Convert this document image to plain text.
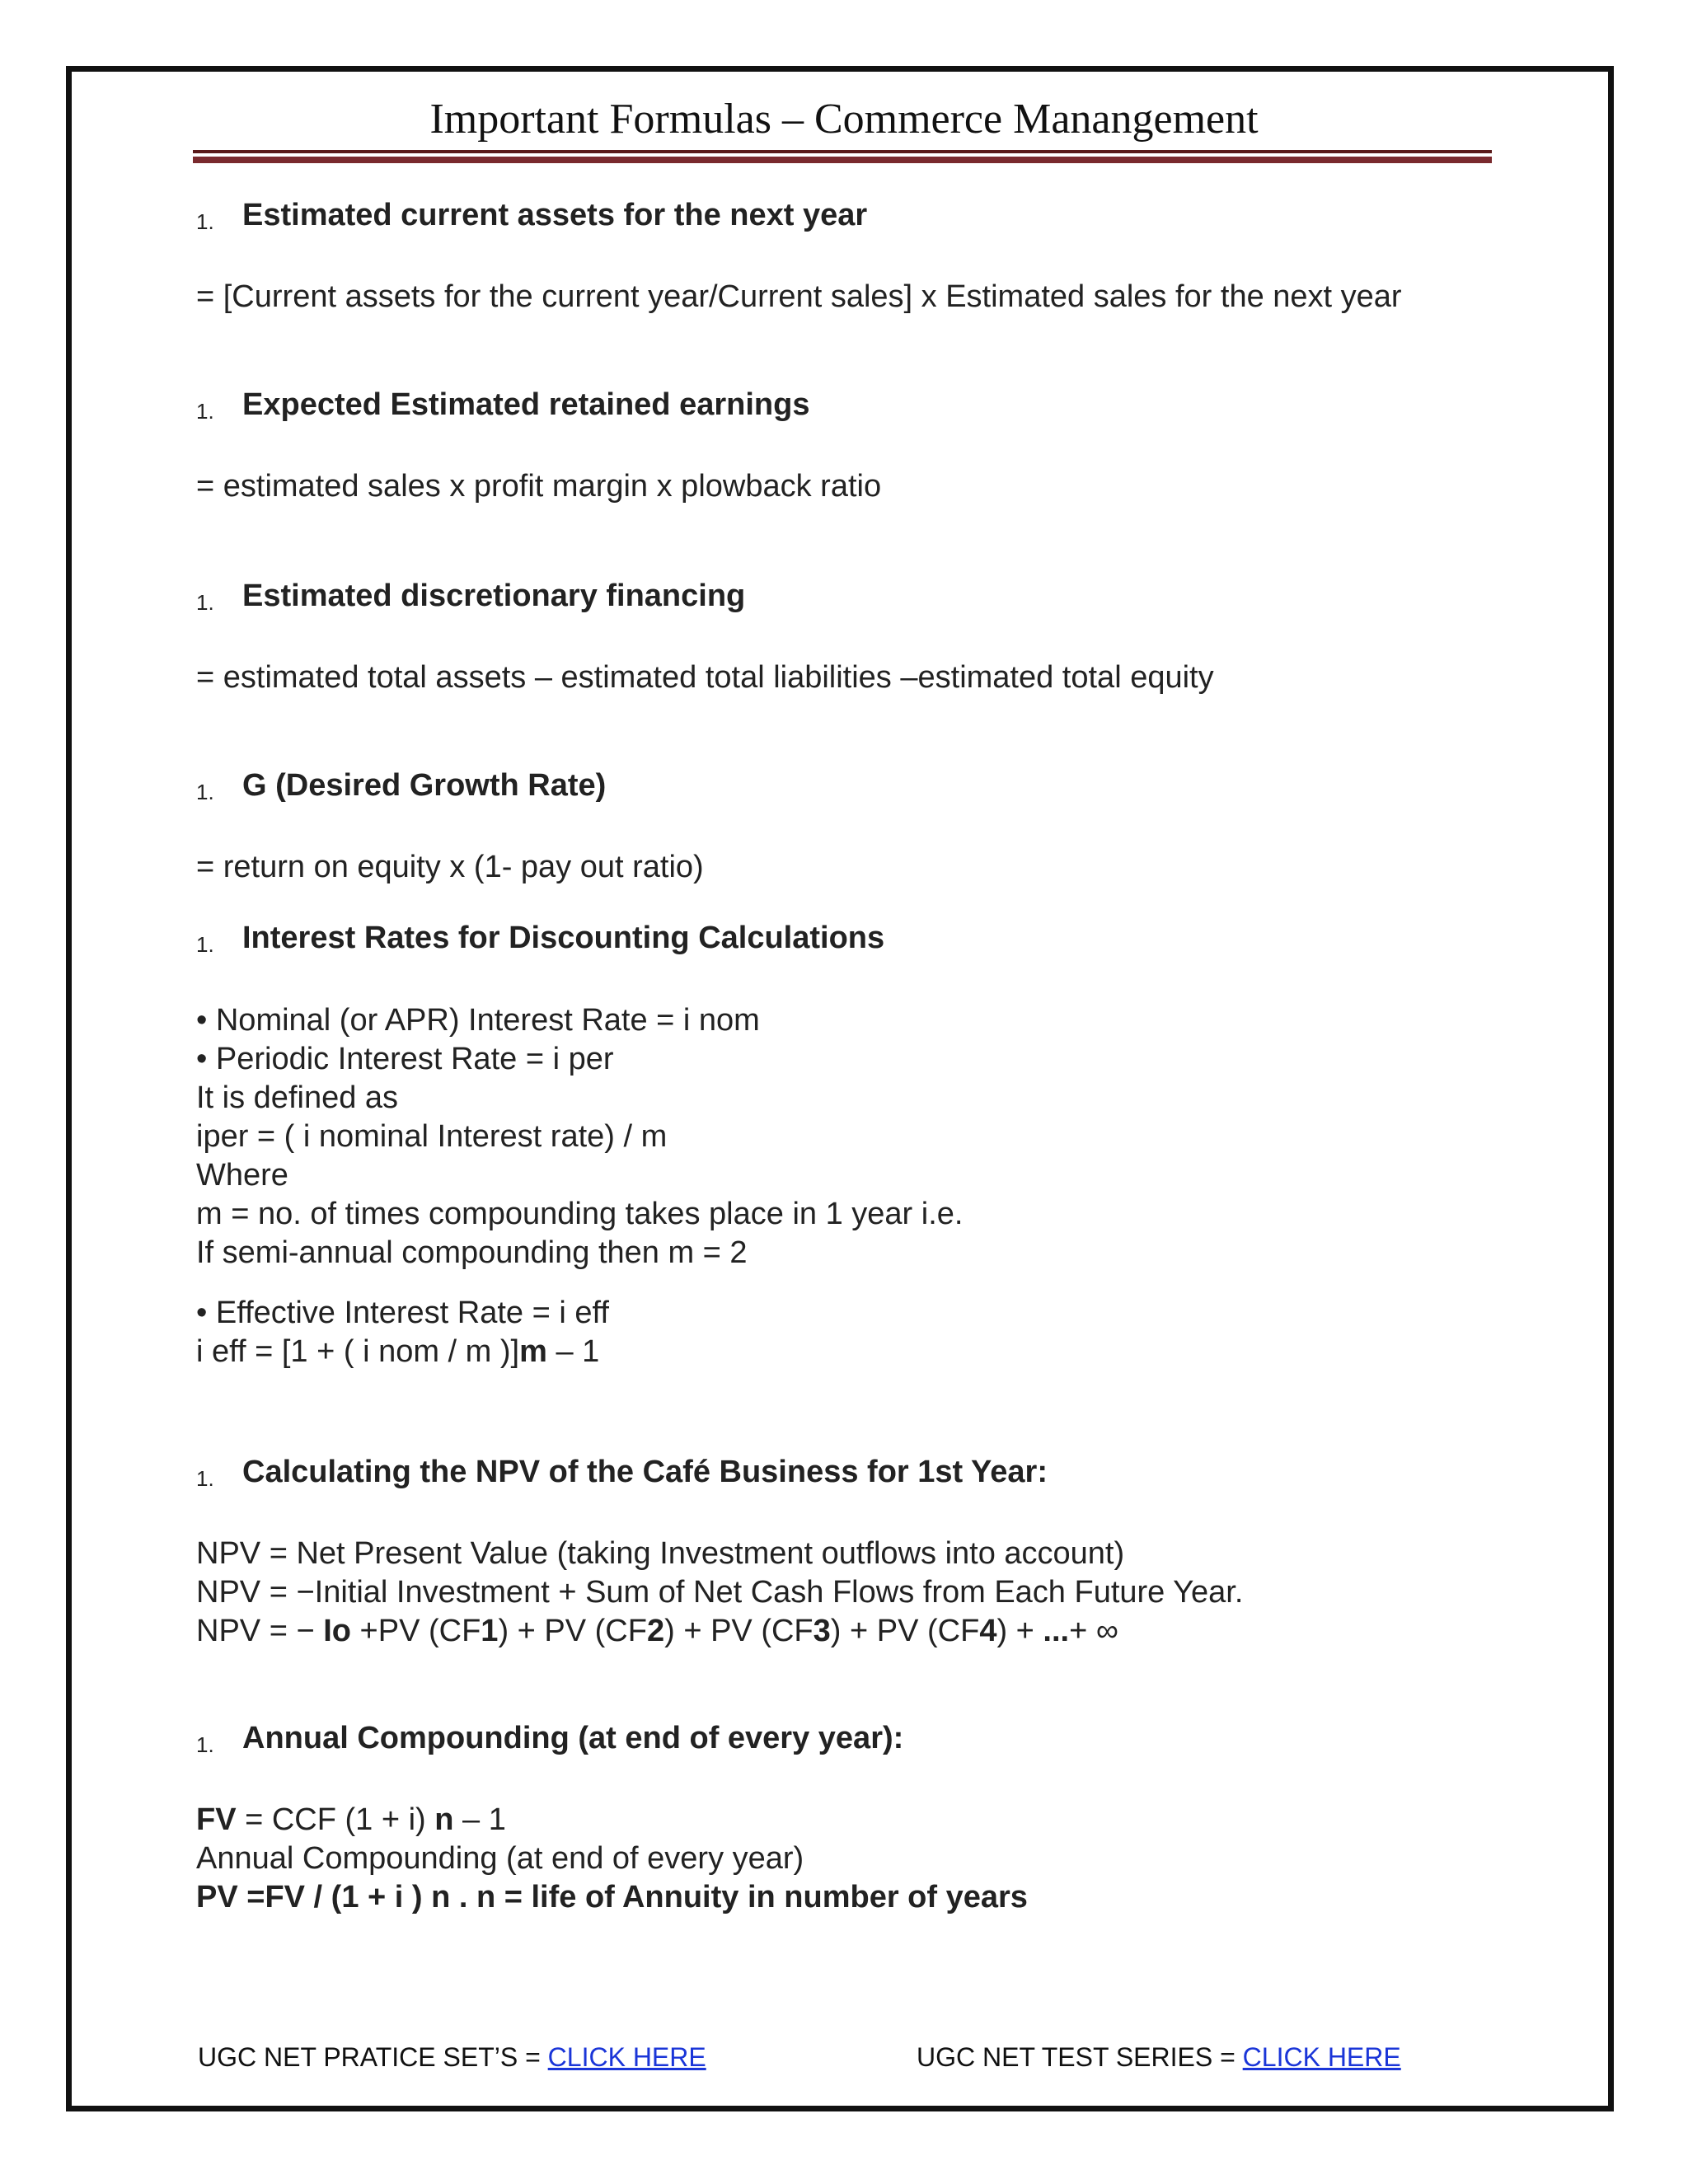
Important Formulas – Commerce Manangement
1. Estimated current assets for the next year
= [Current assets for the current year/Current sales] x Estimated sales for the next year
1. Expected Estimated retained earnings
= estimated sales x profit margin x plowback ratio
1. Estimated discretionary financing
= estimated total assets – estimated total liabilities –estimated total equity
1. G (Desired Growth Rate)
= return on equity x (1- pay out ratio)
1. Interest Rates for Discounting Calculations
• Nominal (or APR) Interest Rate = i nom
• Periodic Interest Rate = i per
It is defined as
iper = ( i nominal Interest rate) / m
Where
m = no. of times compounding takes place in 1 year i.e.
If semi-annual compounding then m = 2
• Effective Interest Rate = i eff
i eff = [1 + ( i nom / m )]m – 1
1. Calculating the NPV of the Café Business for 1st Year:
NPV = Net Present Value (taking Investment outflows into account)
NPV = −Initial Investment + Sum of Net Cash Flows from Each Future Year.
NPV = − Io +PV (CF1) + PV (CF2) + PV (CF3) + PV (CF4) + ...+ ∞
1. Annual Compounding (at end of every year):
FV = CCF (1 + i) n – 1
Annual Compounding (at end of every year)
PV =FV / (1 + i ) n . n = life of Annuity in number of years
UGC NET PRATICE SET’S = CLICK HERE	UGC NET TEST SERIES = CLICK HERE
